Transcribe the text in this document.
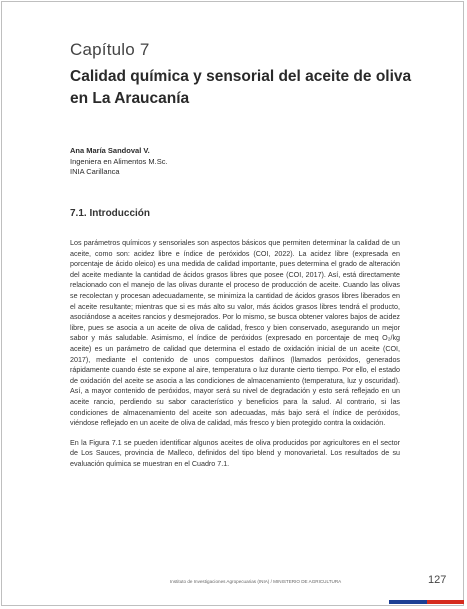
Capítulo 7
Calidad química y sensorial del aceite de oliva en La Araucanía
Ana María Sandoval V.
Ingeniera en Alimentos M.Sc.
INIA Carillanca
7.1. Introducción

Los parámetros químicos y sensoriales son aspectos básicos que permiten determinar la calidad de un aceite, como son: acidez libre e índice de peróxidos (COI, 2022). La acidez libre (expresada en porcentaje de ácido oleico) es una medida de calidad importante, pues determina el grado de alteración del aceite mediante la cantidad de ácidos grasos libres que posee (COI, 2017). Así, está directamente relacionado con el manejo de las olivas durante el proceso de producción de aceite. Cuando las olivas se recolectan y procesan adecuadamente, se minimiza la cantidad de ácidos grasos libres liberados en el aceite resultante; mientras que si es más alto su valor, más ácidos grasos libres tendrá el producto, asociándose a aceites rancios y desmejorados. Por lo mismo, se busca obtener valores bajos de acidez libre, pues se asocia a un aceite de oliva de calidad, fresco y bien conservado, asegurando un mejor sabor y más saludable. Asimismo, el índice de peróxidos (expresado en porcentaje de meq O₂/kg aceite) es un parámetro de calidad que determina el estado de oxidación inicial de un aceite (COI, 2017), mediante el contenido de unos compuestos dañinos (llamados peróxidos, generados rápidamente cuando éste se expone al aire, temperatura o luz durante cierto tiempo. Por ello, el estado de oxidación del aceite se asocia a las condiciones de almacenamiento (temperatura, luz y oscuridad). Así, a mayor contenido de peróxidos, mayor será su nivel de degradación y esto será reflejado en un aceite rancio, perdiendo su sabor característico y beneficios para la salud. Al contrario, si las condiciones de almacenamiento del aceite son adecuadas, más bajo será el índice de peróxidos, viéndose reflejado en un aceite de oliva de calidad, más fresco y bien protegido contra la oxidación.

En la Figura 7.1 se pueden identificar algunos aceites de oliva producidos por agricultores en el sector de Los Sauces, provincia de Malleco, definidos del tipo blend y monovarietal. Los resultados de su evaluación química se muestran en el Cuadro 7.1.

Instituto de Investigaciones Agropecuarias (INIA) / MINISTERIO DE AGRICULTURA	127
